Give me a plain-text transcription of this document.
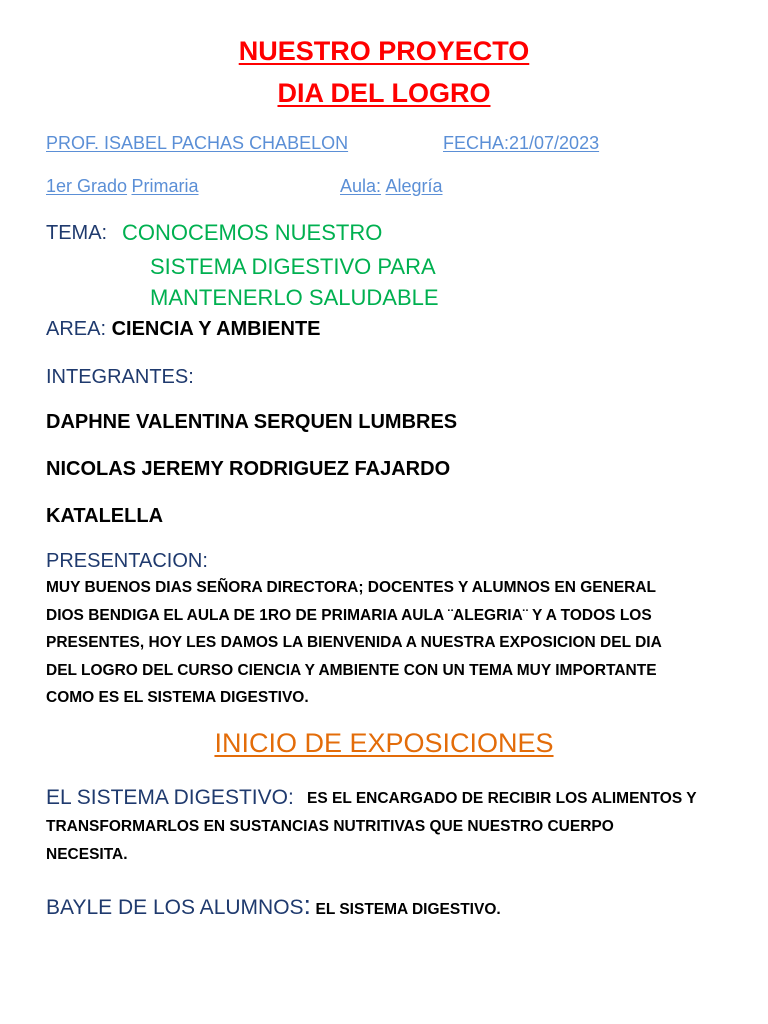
NUESTRO PROYECTO
DIA DEL LOGRO
PROF. ISABEL PACHAS CHABELON	FECHA:21/07/2023
1er Grado Primaria	Aula: Alegría
TEMA: CONOCEMOS NUESTRO
SISTEMA DIGESTIVO PARA
MANTENERLO SALUDABLE
AREA: CIENCIA Y AMBIENTE
INTEGRANTES:
DAPHNE VALENTINA SERQUEN LUMBRES
NICOLAS JEREMY RODRIGUEZ FAJARDO
KATALELLA
PRESENTACION:
MUY BUENOS DIAS SEÑORA DIRECTORA; DOCENTES Y ALUMNOS EN GENERAL
DIOS BENDIGA EL AULA DE 1RO DE PRIMARIA AULA ¨ALEGRIA¨ Y A TODOS LOS
PRESENTES, HOY LES DAMOS LA BIENVENIDA A NUESTRA EXPOSICION DEL DIA
DEL LOGRO DEL CURSO CIENCIA Y AMBIENTE CON UN TEMA MUY IMPORTANTE
COMO ES EL SISTEMA DIGESTIVO.
INICIO DE EXPOSICIONES
EL SISTEMA DIGESTIVO: ES EL ENCARGADO DE RECIBIR LOS ALIMENTOS Y
TRANSFORMARLOS EN SUSTANCIAS NUTRITIVAS QUE NUESTRO CUERPO
NECESITA.
BAYLE DE LOS ALUMNOS: EL SISTEMA DIGESTIVO.
